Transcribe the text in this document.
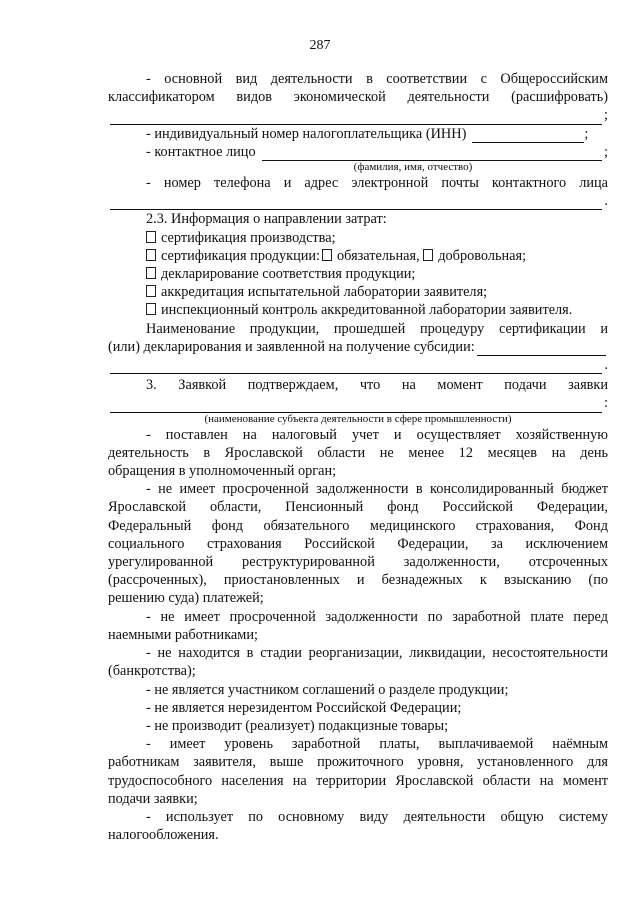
287

- основной вид деятельности в соответствии с Общероссийским

классификатором видов экономической деятельности (расшифровать)

;
- индивидуальный номер налогоплательщика (ИНН)	;
- контактное лицо	;
(фамилия, имя, отчество)

- номер телефона и адрес электронной почты контактного лица

.

2.3. Информация о направлении затрат:

сертификация производства;

сертификация продукции: обязательная, добровольная;

декларирование соответствия продукции;

аккредитация испытательной лаборатории заявителя;

инспекционный контроль аккредитованной лаборатории заявителя.

Наименование продукции, прошедшей процедуру сертификации и

(или) декларирования и заявленной на получение субсидии:
.

3. Заявкой подтверждаем, что на момент подачи заявки

:
(наименование субъекта деятельности в сфере промышленности)

- поставлен на налоговый учет и осуществляет хозяйственную

деятельность в Ярославской области не менее 12 месяцев на день

обращения в уполномоченный орган;

- не имеет просроченной задолженности в консолидированный бюджет

Ярославской области, Пенсионный фонд Российской Федерации,

Федеральный фонд обязательного медицинского страхования, Фонд

социального страхования Российской Федерации, за исключением

урегулированной реструктурированной задолженности, отсроченных

(рассроченных), приостановленных и безнадежных к взысканию (по

решению суда) платежей;

- не имеет просроченной задолженности по заработной плате перед

наемными работниками;

- не находится в стадии реорганизации, ликвидации, несостоятельности

(банкротства);

- не является участником соглашений о разделе продукции;

- не является нерезидентом Российской Федерации;

- не производит (реализует) подакцизные товары;

- имеет уровень заработной платы, выплачиваемой наёмным

работникам заявителя, выше прожиточного уровня, установленного для

трудоспособного населения на территории Ярославской области на момент

подачи заявки;

- использует по основному виду деятельности общую систему

налогообложения.
